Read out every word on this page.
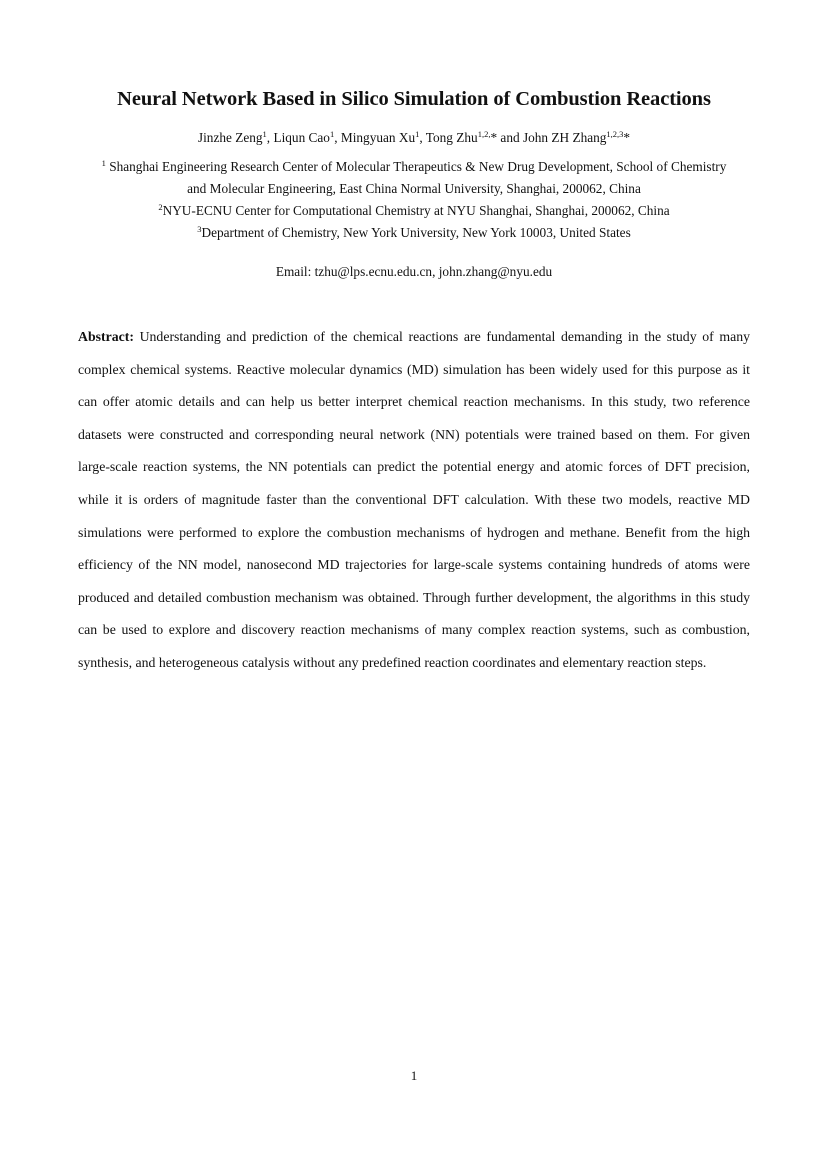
Neural Network Based in Silico Simulation of Combustion Reactions
Jinzhe Zeng$^1$, Liqun Cao$^1$, Mingyuan Xu$^1$, Tong Zhu$^{1,2,}$* and John ZH Zhang$^{1,2,3}$*
$^1$ Shanghai Engineering Research Center of Molecular Therapeutics & New Drug Development, School of Chemistry
and Molecular Engineering, East China Normal University, Shanghai, 200062, China
$^2$NYU-ECNU Center for Computational Chemistry at NYU Shanghai, Shanghai, 200062, China
$^3$Department of Chemistry, New York University, New York 10003, United States
Email: tzhu@lps.ecnu.edu.cn, john.zhang@nyu.edu
Abstract: Understanding and prediction of the chemical reactions are fundamental demanding in the study of many complex chemical systems. Reactive molecular dynamics (MD) simulation has been widely used for this purpose as it can offer atomic details and can help us better interpret chemical reaction mechanisms. In this study, two reference datasets were constructed and corresponding neural network (NN) potentials were trained based on them. For given large-scale reaction systems, the NN potentials can predict the potential energy and atomic forces of DFT precision, while it is orders of magnitude faster than the conventional DFT calculation. With these two models, reactive MD simulations were performed to explore the combustion mechanisms of hydrogen and methane. Benefit from the high efficiency of the NN model, nanosecond MD trajectories for large-scale systems containing hundreds of atoms were produced and detailed combustion mechanism was obtained. Through further development, the algorithms in this study can be used to explore and discovery reaction mechanisms of many complex reaction systems, such as combustion, synthesis, and heterogeneous catalysis without any predefined reaction coordinates and elementary reaction steps.
1
